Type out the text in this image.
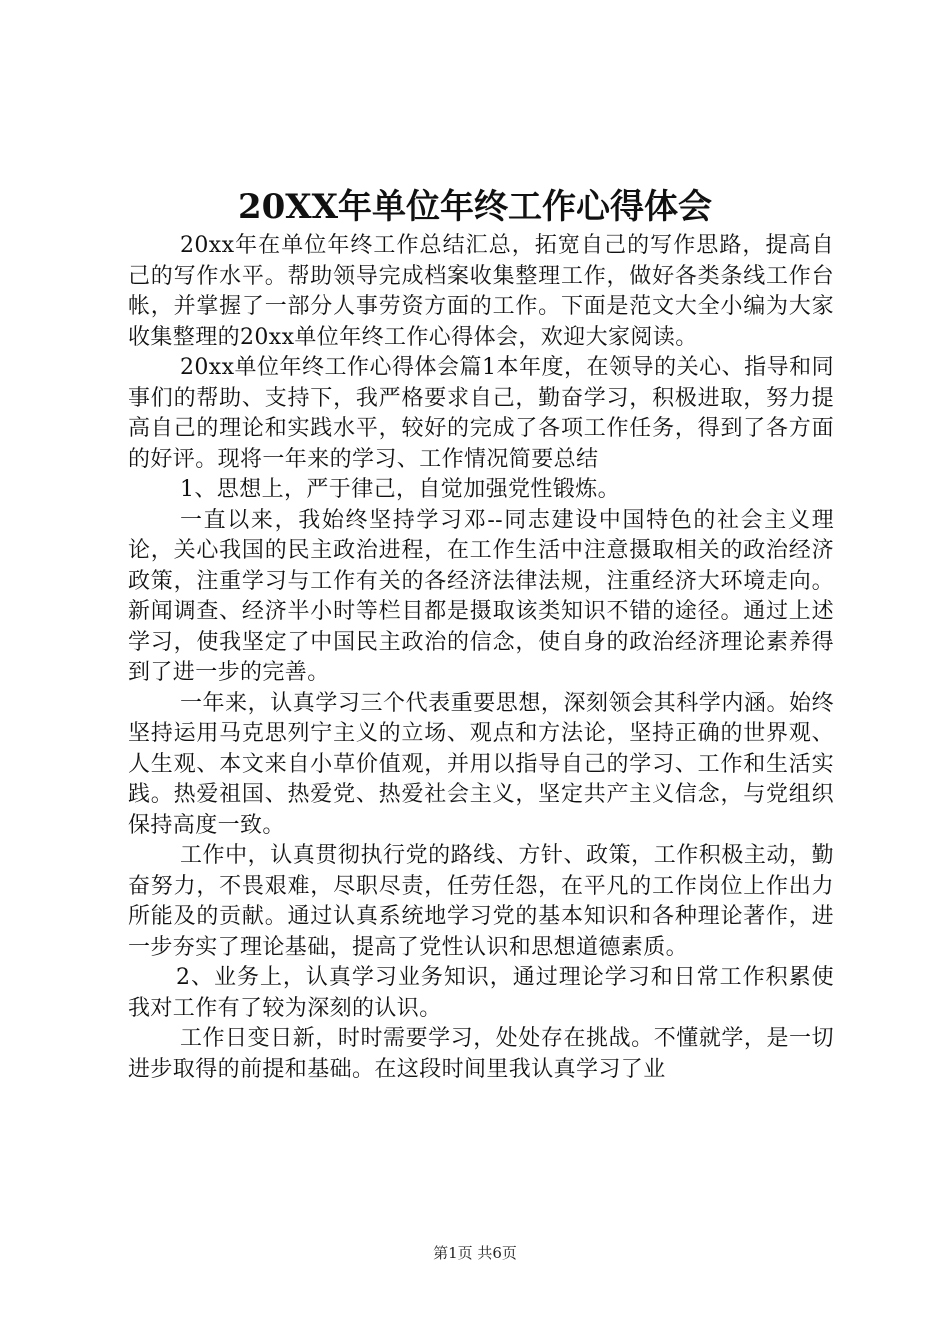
20XX年单位年终工作心得体会

20xx年在单位年终工作总结汇总，拓宽自己的写作思路，提高自己的写作水平。帮助领导完成档案收集整理工作，做好各类条线工作台帐，并掌握了一部分人事劳资方面的工作。下面是范文大全小编为大家收集整理的20xx单位年终工作心得体会，欢迎大家阅读。

20xx单位年终工作心得体会篇1本年度，在领导的关心、指导和同事们的帮助、支持下，我严格要求自己，勤奋学习，积极进取，努力提高自己的理论和实践水平，较好的完成了各项工作任务，得到了各方面的好评。现将一年来的学习、工作情况简要总结

1、思想上，严于律己，自觉加强党性锻炼。

一直以来，我始终坚持学习邓--同志建设中国特色的社会主义理论，关心我国的民主政治进程，在工作生活中注意摄取相关的政治经济政策，注重学习与工作有关的各经济法律法规，注重经济大环境走向。新闻调查、经济半小时等栏目都是摄取该类知识不错的途径。通过上述学习，使我坚定了中国民主政治的信念，使自身的政治经济理论素养得到了进一步的完善。

一年来，认真学习三个代表重要思想，深刻领会其科学内涵。始终坚持运用马克思列宁主义的立场、观点和方法论，坚持正确的世界观、人生观、本文来自小草价值观，并用以指导自己的学习、工作和生活实践。热爱祖国、热爱党、热爱社会主义，坚定共产主义信念，与党组织保持高度一致。

工作中，认真贯彻执行党的路线、方针、政策，工作积极主动，勤奋努力，不畏艰难，尽职尽责，任劳任怨，在平凡的工作岗位上作出力所能及的贡献。通过认真系统地学习党的基本知识和各种理论著作，进一步夯实了理论基础，提高了党性认识和思想道德素质。

2、业务上，认真学习业务知识，通过理论学习和日常工作积累使我对工作有了较为深刻的认识。

工作日变日新，时时需要学习，处处存在挑战。不懂就学，是一切进步取得的前提和基础。在这段时间里我认真学习了业

第1页 共6页
